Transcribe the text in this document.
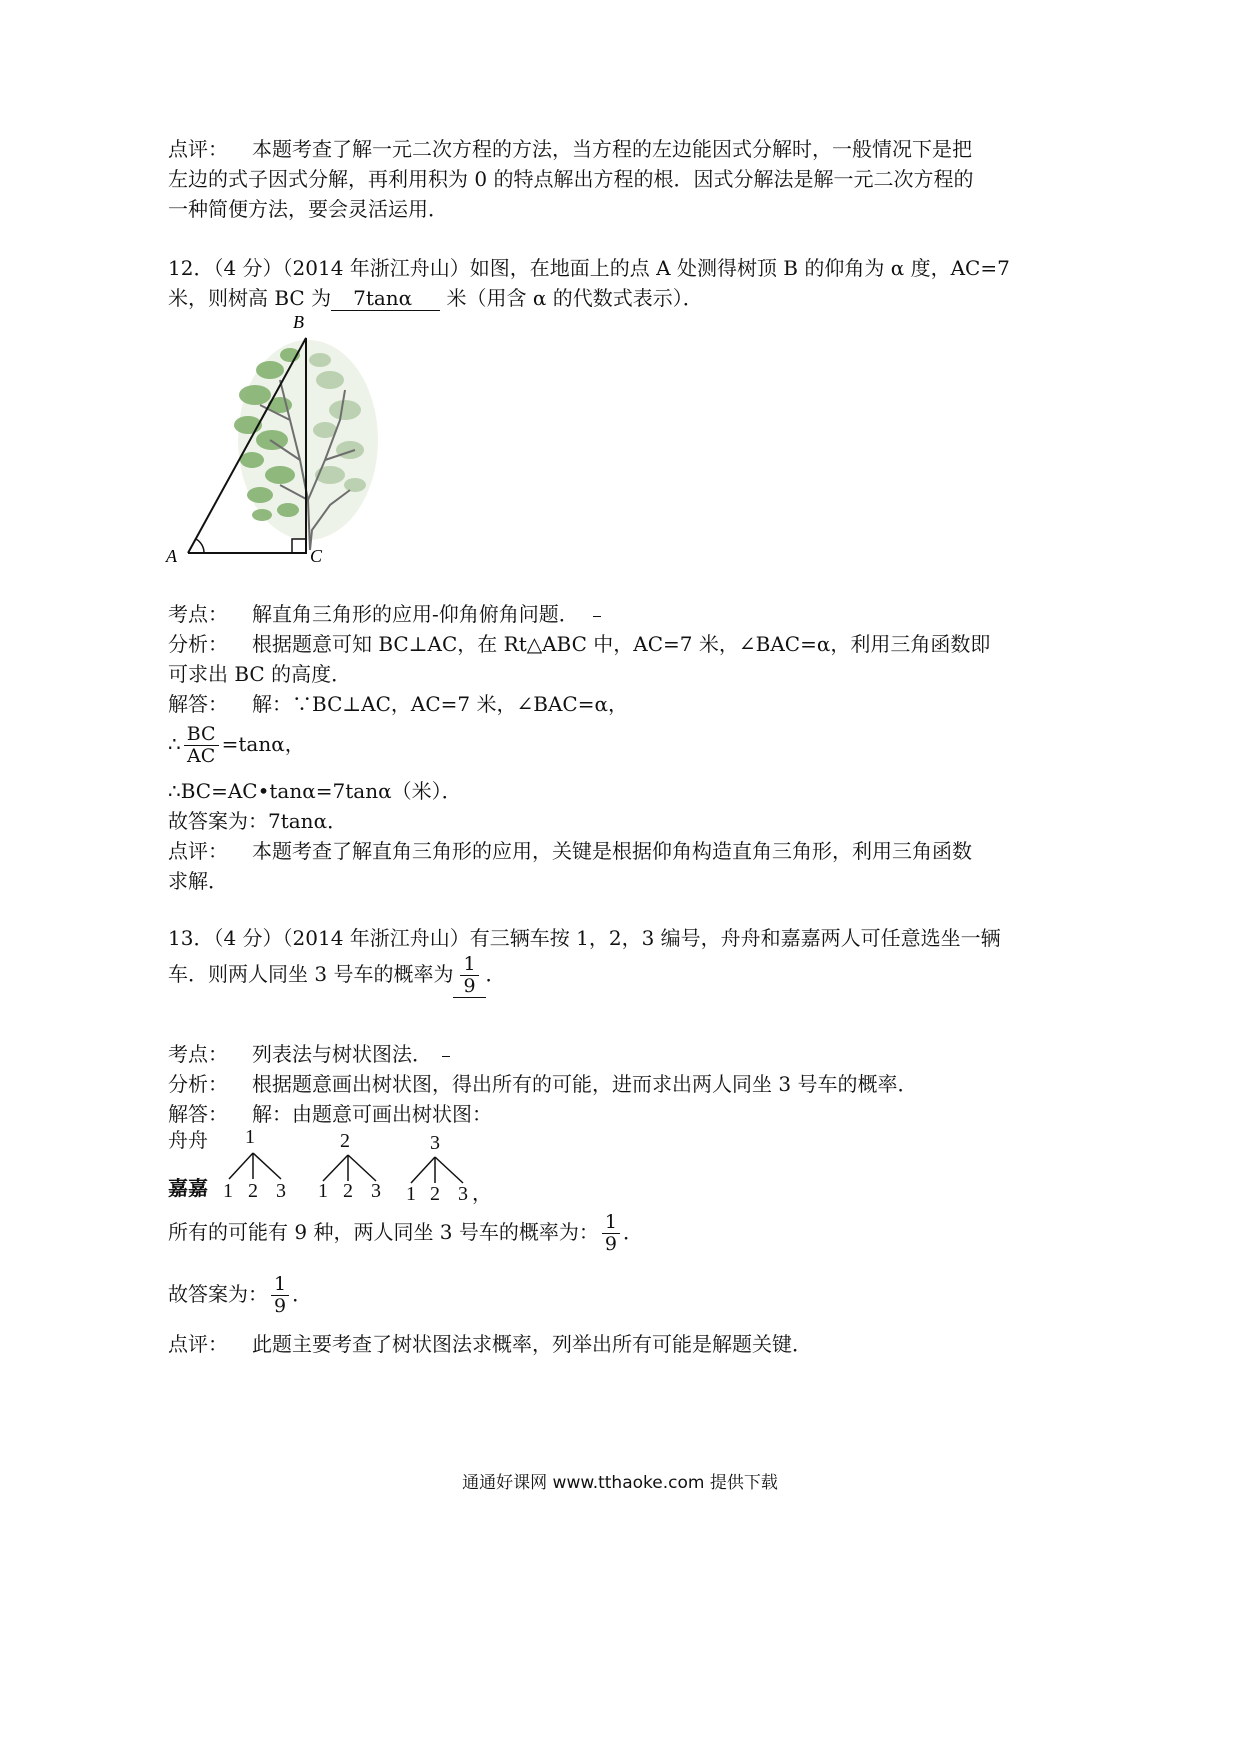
点评： 本题考查了解一元二次方程的方法，当方程的左边能因式分解时，一般情况下是把
左边的式子因式分解，再利用积为 0 的特点解出方程的根．因式分解法是解一元二次方程的
一种简便方法，要会灵活运用．
12．（4 分）（2014 年浙江舟山）如图，在地面上的点 A 处测得树顶 B 的仰角为 α 度，AC=7
米，则树高 BC 为 7tanα 米（用含 α 的代数式表示）．
B
A	C
考点： 解直角三角形的应用-仰角俯角问题．
分析： 根据题意可知 BC⊥AC，在 Rt△ABC 中，AC=7 米，∠BAC=α，利用三角函数即
可求出 BC 的高度．
解答： 解：∵BC⊥AC，AC=7 米，∠BAC=α，
∴ $\frac{BC}{AC} =\tan\alpha$，
∴BC=AC•tanα=7tanα（米）．
故答案为：7tanα．
点评： 本题考查了解直角三角形的应用，关键是根据仰角构造直角三角形，利用三角函数
求解．
13．（4 分）（2014 年浙江舟山）有三辆车按 1，2，3 编号，舟舟和嘉嘉两人可任意选坐一辆
车．则两人同坐 3 号车的概率为 $\frac{1}{9}$ ．
考点： 列表法与树状图法．
分析： 根据题意画出树状图，得出所有的可能，进而求出两人同坐 3 号车的概率．
解答： 解：由题意可画出树状图：
舟舟
嘉嘉
1	2	3
1 2 3 1 2 3 1 2 3 ，
所有的可能有 9 种，两人同坐 3 号车的概率为： $\frac{1}{9}$ ．
故答案为： $\frac{1}{9}$ ．
点评： 此题主要考查了树状图法求概率，列举出所有可能是解题关键．
通通好课网 www.tthaoke.com 提供下载
